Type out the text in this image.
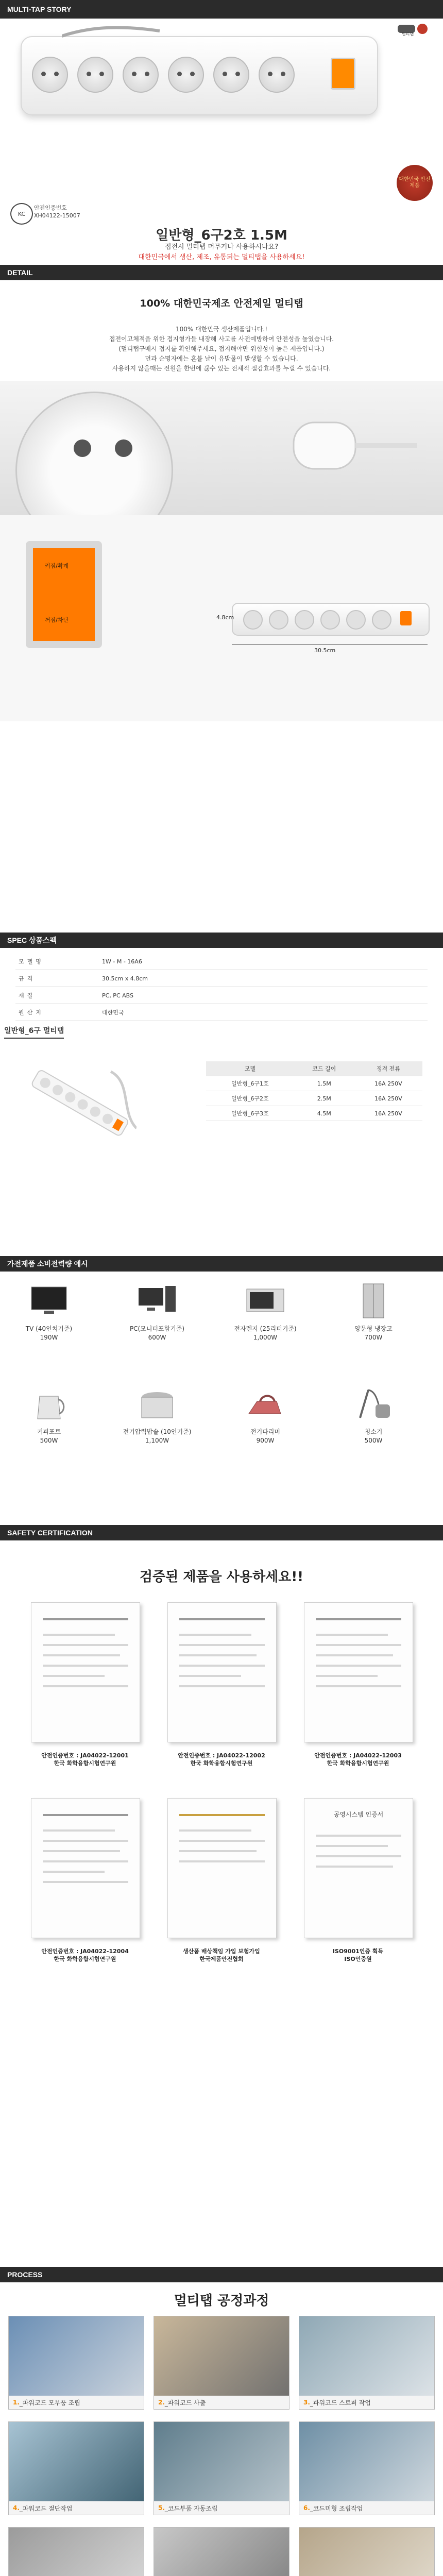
MULTI-TAP STORY
멀티탭
대한민국 안전제품
KC
안전인증번호
XH04122-15007
일반형_6구2호 1.5M
접전시 멀티탭 머무거나 사용하시나요?
대한민국에서 생산, 제조, 유통되는 멀티탭을 사용하세요!
DETAIL
100% 대한민국제조 안전제일 멀티탭
100% 대한민국 생산제품입니다.!
접전이고체적을 위한 접지형가들 내장해 사고를 사전예방하여 안전성을 높였습니다.
(멀티탭구매시 접지를 확인해주세요, 접지해야만 위험성이 높은 제품입니다.)
먼과 순명자에는 혼블 날이 유발물이 발생할 수 있습니다.
사용하지 않을때는 전원을 한번에 끊수 있는 전체적 절감효과를 누릴 수 있습니다.
켜짐/확계
꺼짐/차단	4.8cm
30.5cm
SPEC 상품스펙
모델명	1W - M - 16A6
규격	30.5cm x 4.8cm
재질	PC, PC ABS
원산지	대한민국
일반형_6구 멀티탭
모델	코드 길이	정격 전류
일반형_6구1호	1.5M	16A 250V
일반형_6구2호	2.5M	16A 250V
일반형_6구3호	4.5M	16A 250V
가전제품 소비전력량 예시
TV (40인치기준)
190W
PC(모니터포함기준)
600W
전자렌지 (25리터기준)
1,000W
양문형 냉장고
700W
커피포트
500W
전기압력밥솥 (10인기준)
1,100W
전기다리미
900W
청소기
500W
SAFETY CERTIFICATION
검증된 제품을 사용하세요!!
안전인증번호 : JA04022-12001
한국 화학융합시험연구원
안전인증번호 : JA04022-12002
한국 화학융합시험연구원
안전인증번호 : JA04022-12003
한국 화학융합시험연구원
안전인증번호 : JA04022-12004
한국 화학융합시험연구원
생산품 배상책임 가입 보험가입
한국제품안전협회
공영시스템 인증서
ISO9001인증 획득
ISO인증원
PROCESS
멀티탭 공정과정
1. _파워코드 모부품 조립	2. _파워코드 사출	3. _파워코드 스토퍼 작업
4. _파워코드 절단작업	5. _코드부품 자동조립	6. _코드미형 조립작업
